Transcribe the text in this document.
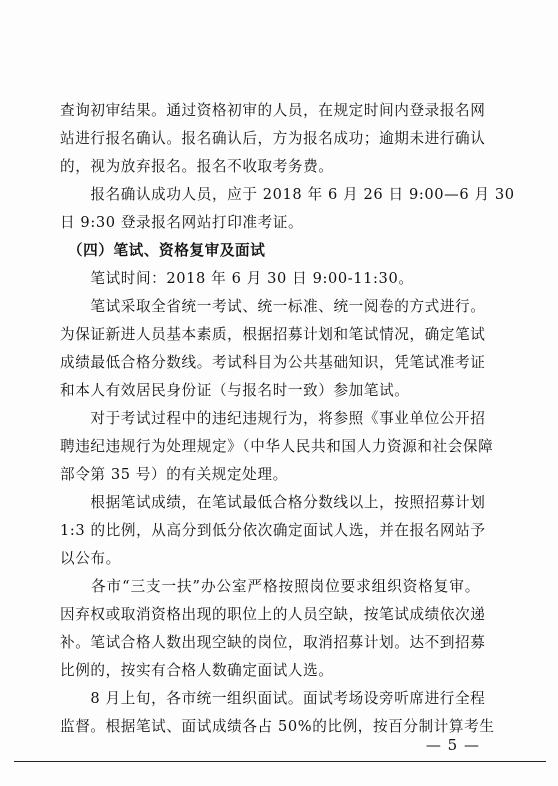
查询初审结果。通过资格初审的人员，在规定时间内登录报名网
站进行报名确认。报名确认后，方为报名成功；逾期未进行确认
的，视为放弃报名。报名不收取考务费。
　　报名确认成功人员，应于 2018 年 6 月 26 日 9:00—6 月 30
日 9:30 登录报名网站打印准考证。
　（四）笔试、资格复审及面试
　　笔试时间：2018 年 6 月 30 日 9:00-11:30。
　　笔试采取全省统一考试、统一标准、统一阅卷的方式进行。
为保证新进人员基本素质，根据招募计划和笔试情况，确定笔试
成绩最低合格分数线。考试科目为公共基础知识，凭笔试准考证
和本人有效居民身份证（与报名时一致）参加笔试。
　　对于考试过程中的违纪违规行为，将参照《事业单位公开招
聘违纪违规行为处理规定》（中华人民共和国人力资源和社会保障
部令第 35 号）的有关规定处理。
　　根据笔试成绩，在笔试最低合格分数线以上，按照招募计划
1:3 的比例，从高分到低分依次确定面试人选，并在报名网站予
以公布。
　　各市“三支一扶”办公室严格按照岗位要求组织资格复审。
因弃权或取消资格出现的职位上的人员空缺，按笔试成绩依次递
补。笔试合格人数出现空缺的岗位，取消招募计划。达不到招募
比例的，按实有合格人数确定面试人选。
　　8 月上旬，各市统一组织面试。面试考场设旁听席进行全程
监督。根据笔试、面试成绩各占 50%的比例，按百分制计算考生
— 5 —
